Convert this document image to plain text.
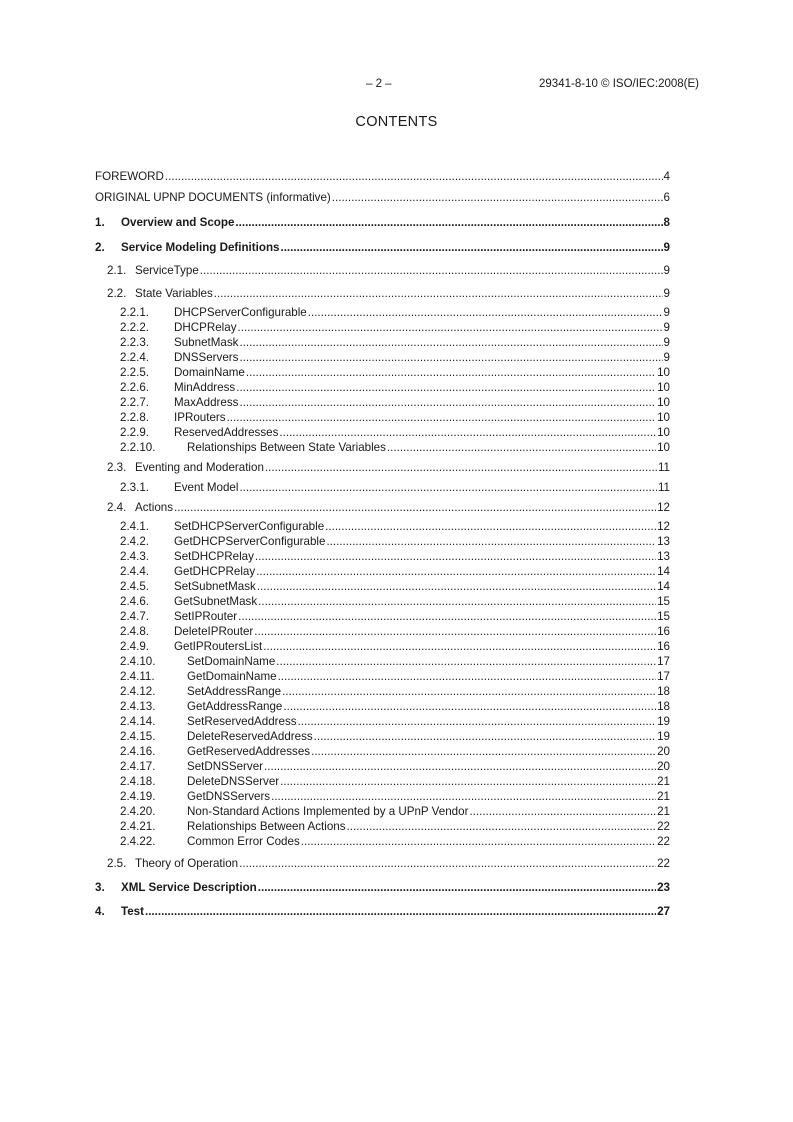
– 2 –	29341-8-10 © ISO/IEC:2008(E)
CONTENTS
FOREWORD .....	4
ORIGINAL UPNP DOCUMENTS (informative) .....	6
1.	Overview and Scope .....	8
2.	Service Modeling Definitions .....	9
2.1. ServiceType .....	9
2.2. State Variables .....	9
2.2.1.	DHCPServerConfigurable .....	9
2.2.2.	DHCPRelay .....	9
2.2.3.	SubnetMask .....	9
2.2.4.	DNSServers .....	9
2.2.5.	DomainName .....	10
2.2.6.	MinAddress .....	10
2.2.7.	MaxAddress .....	10
2.2.8.	IPRouters .....	10
2.2.9.	ReservedAddresses .....	10
2.2.10.	Relationships Between State Variables .....	10
2.3. Eventing and Moderation .....	11
2.3.1.	Event Model .....	11
2.4. Actions .....	12
2.4.1.	SetDHCPServerConfigurable .....	12
2.4.2.	GetDHCPServerConfigurable .....	13
2.4.3.	SetDHCPRelay .....	13
2.4.4.	GetDHCPRelay .....	14
2.4.5.	SetSubnetMask .....	14
2.4.6.	GetSubnetMask .....	15
2.4.7.	SetIPRouter .....	15
2.4.8.	DeleteIPRouter .....	16
2.4.9.	GetIPRoutersList .....	16
2.4.10.	SetDomainName .....	17
2.4.11.	GetDomainName .....	17
2.4.12.	SetAddressRange .....	18
2.4.13.	GetAddressRange .....	18
2.4.14.	SetReservedAddress .....	19
2.4.15.	DeleteReservedAddress .....	19
2.4.16.	GetReservedAddresses .....	20
2.4.17.	SetDNSServer .....	20
2.4.18.	DeleteDNSServer .....	21
2.4.19.	GetDNSServers .....	21
2.4.20.	Non-Standard Actions Implemented by a UPnP Vendor .....	21
2.4.21.	Relationships Between Actions .....	22
2.4.22.	Common Error Codes .....	22
2.5. Theory of Operation .....	22
3.	XML Service Description .....	23
4.	Test .....	27
